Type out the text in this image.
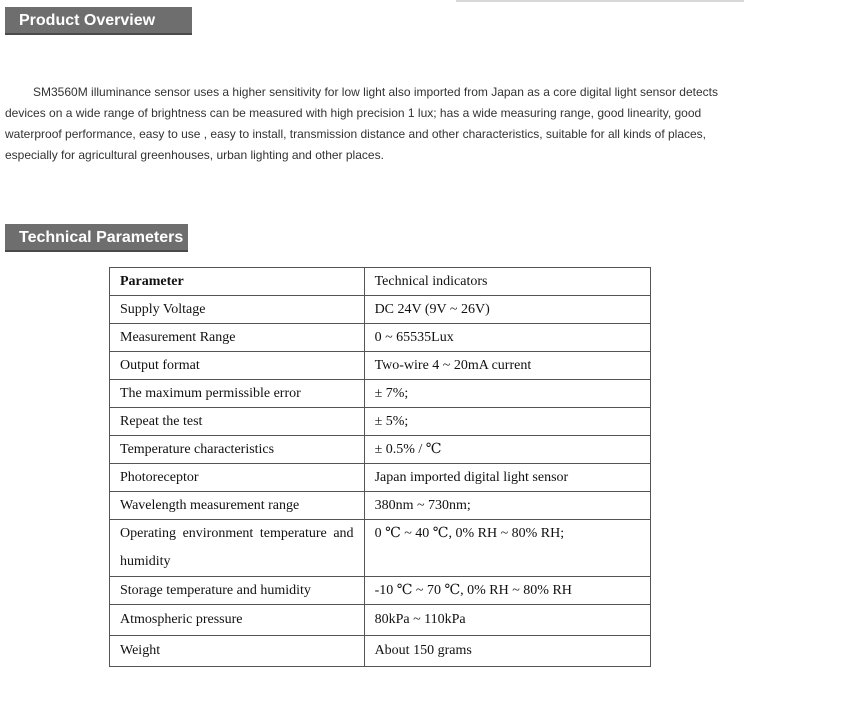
Product Overview

SM3560M illuminance sensor uses a higher sensitivity for low light also imported from Japan as a core digital light sensor detects devices on a wide range of brightness can be measured with high precision 1 lux; has a wide measuring range, good linearity, good waterproof performance, easy to use , easy to install, transmission distance and other characteristics, suitable for all kinds of places, especially for agricultural greenhouses, urban lighting and other places.

Technical Parameters
Parameter	Technical indicators
Supply Voltage	DC 24V (9V ~ 26V)
Measurement Range	0 ~ 65535Lux
Output format	Two-wire 4 ~ 20mA current
The maximum permissible error	± 7%;
Repeat the test	± 5%;
Temperature characteristics	± 0.5% / ℃
Photoreceptor	Japan imported digital light sensor
Wavelength measurement range	380nm ~ 730nm;
Operating environment temperature and humidity	0 ℃ ~ 40 ℃, 0% RH ~ 80% RH;
Storage temperature and humidity	-10 ℃ ~ 70 ℃, 0% RH ~ 80% RH
Atmospheric pressure	80kPa ~ 110kPa
Weight	About 150 grams
